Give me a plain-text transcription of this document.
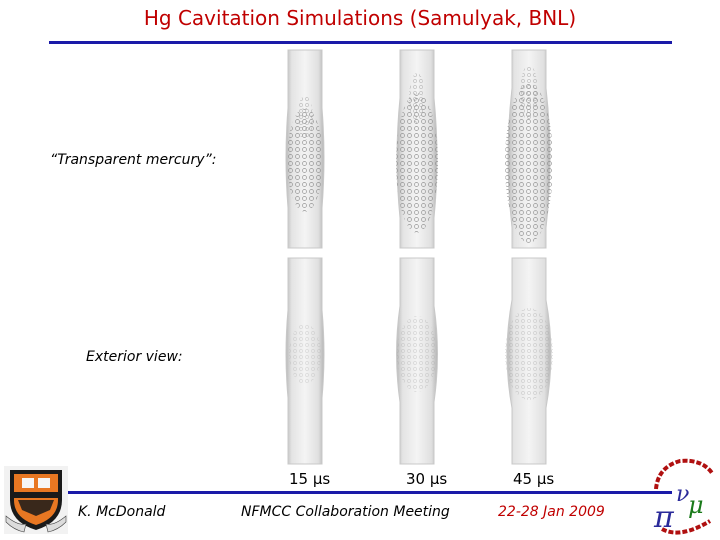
Hg Cavitation Simulations (Samulyak, BNL)
“Transparent mercury”:
Exterior view:
15 µs	30 µs	45 µs
K. McDonald	NFMCC Collaboration Meeting	22-28 Jan 2009
ν
μ
π
